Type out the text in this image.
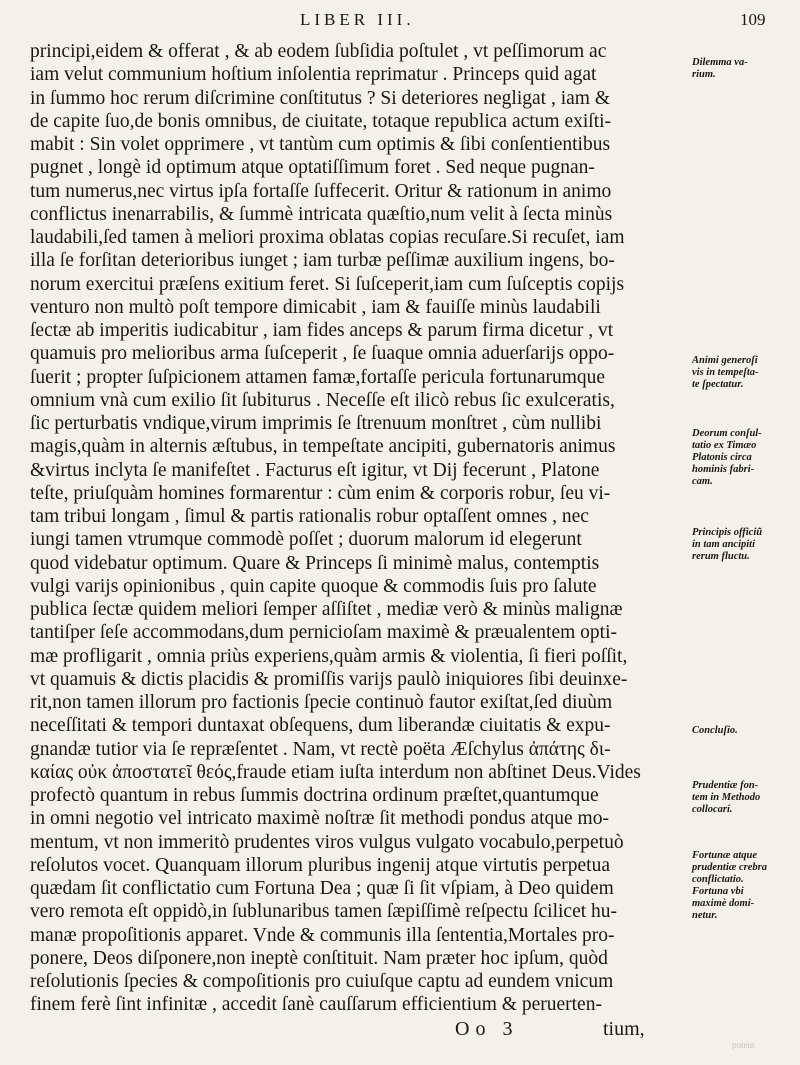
LIBER III.	109
principi,eidem & offerat , & ab eodem ſubſidia poſtulet , vt peſſimorum ac
iam velut communium hoſtium inſolentia reprimatur . Princeps quid agat
in ſummo hoc rerum diſcrimine conſtitutus ? Si deteriores negligat , iam &
de capite ſuo,de bonis omnibus, de ciuitate, totaque republica actum exiſti-
mabit : Sin volet opprimere , vt tantùm cum optimis & ſibi conſentientibus
pugnet , longè id optimum atque optatiſſimum foret . Sed neque pugnan-
tum numerus,nec virtus ipſa fortaſſe ſuffecerit. Oritur & rationum in animo
conflictus inenarrabilis, & ſummè intricata quæſtio,num velit à ſecta minùs
laudabili,ſed tamen à meliori proxima oblatas copias recuſare.Si recuſet, iam
illa ſe forſitan deterioribus iunget ; iam turbæ peſſimæ auxilium ingens, bo-
norum exercitui præſens exitium feret. Si ſuſceperit,iam cum ſuſceptis copijs
venturo non multò poſt tempore dimicabit , iam & fauiſſe minùs laudabili
ſectæ ab imperitis iudicabitur , iam fides anceps & parum firma dicetur , vt
quamuis pro melioribus arma ſuſceperit , ſe ſuaque omnia aduerſarijs oppo-
ſuerit ; propter ſuſpicionem attamen famæ,fortaſſe pericula fortunarumque
omnium vnà cum exilio ſit ſubiturus . Neceſſe eſt ilicò rebus ſic exulceratis,
ſic perturbatis vndique,virum imprimis ſe ſtrenuum monſtret , cùm nullibi
magis,quàm in alternis æſtubus, in tempeſtate ancipiti, gubernatoris animus
&virtus inclyta ſe manifeſtet . Facturus eſt igitur, vt Dij fecerunt , Platone
teſte, priuſquàm homines formarentur : cùm enim & corporis robur, ſeu vi-
tam tribui longam , ſimul & partis rationalis robur optaſſent omnes , nec
iungi tamen vtrumque commodè poſſet ; duorum malorum id elegerunt
quod videbatur optimum. Quare & Princeps ſi minimè malus, contemptis
vulgi varijs opinionibus , quin capite quoque & commodis ſuis pro ſalute
publica ſectæ quidem meliori ſemper aſſiſtet , mediæ verò & minùs malignæ
tantiſper ſeſe accommodans,dum pernicioſam maximè & præualentem opti-
mæ profligarit , omnia priùs experiens,quàm armis & violentia, ſi fieri poſſit,
vt quamuis & dictis placidis & promiſſis varijs paulò iniquiores ſibi deuinxe-
rit,non tamen illorum pro factionis ſpecie continuò fautor exiſtat,ſed diuùm
neceſſitati & tempori duntaxat obſequens, dum liberandæ ciuitatis & expu-
gnandæ tutior via ſe repræſentet . Nam, vt rectè poëta Æſchylus ἀπάτης δι-
καίας οὐκ ἀποστατεῖ θεός,fraude etiam iuſta interdum non abſtinet Deus.Vides
profectò quantum in rebus ſummis doctrina ordinum præſtet,quantumque
in omni negotio vel intricato maximè noſtræ ſit methodi pondus atque mo-
mentum, vt non immeritò prudentes viros vulgus vulgato vocabulo,perpetuò
reſolutos vocet. Quanquam illorum pluribus ingenij atque virtutis perpetua
quædam ſit conflictatio cum Fortuna Dea ; quæ ſi ſit vſpiam, à Deo quidem
vero remota eſt oppidò,in ſublunaribus tamen ſæpiſſimè reſpectu ſcilicet hu-
manæ propoſitionis apparet. Vnde & communis illa ſententia,Mortales pro-
ponere, Deos diſponere,non ineptè conſtituit. Nam præter hoc ipſum, quòd
reſolutionis ſpecies & compoſitionis pro cuiuſque captu ad eundem vnicum
finem ferè ſint infinitæ , accedit ſanè cauſſarum efficientium & peruerten-
Dilemma va-
rium.
Animi generoſi
vis in tempeſta-
te ſpectatur.
Deorum conſul-
tatio ex Timæo
Platonis circa
hominis fabri-
cam.
Principis officiũ
in tam ancipiti
rerum fluctu.
Concluſio.
Prudentiæ fon-
tem in Methodo
collocari.
Fortunæ atque
prudentiæ crebra
conflictatio.
Fortuna vbi
maximè domi-
netur.
Oo 3	tium,
potent
